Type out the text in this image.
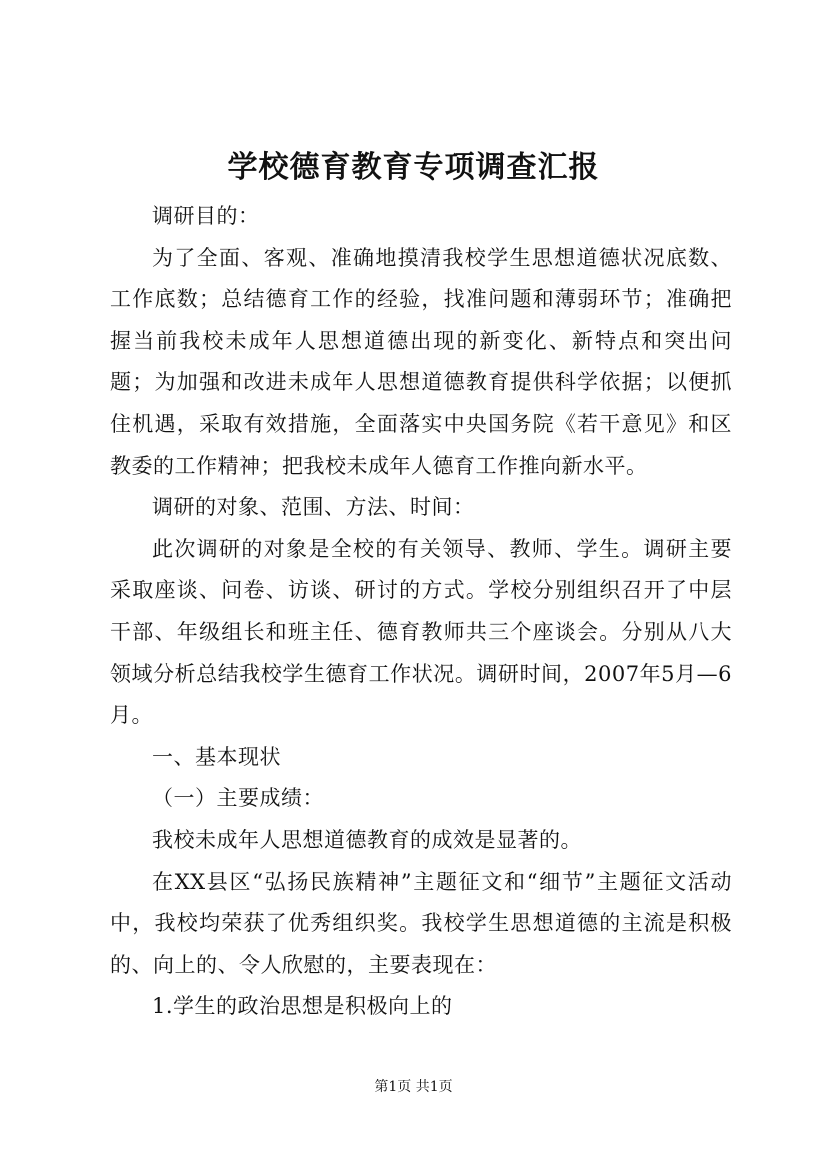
学校德育教育专项调查汇报

调研目的：

为了全面、客观、准确地摸清我校学生思想道德状况底数、工作底数；总结德育工作的经验，找准问题和薄弱环节；准确把握当前我校未成年人思想道德出现的新变化、新特点和突出问题；为加强和改进未成年人思想道德教育提供科学依据；以便抓住机遇，采取有效措施，全面落实中央国务院《若干意见》和区教委的工作精神；把我校未成年人德育工作推向新水平。

调研的对象、范围、方法、时间：

此次调研的对象是全校的有关领导、教师、学生。调研主要采取座谈、问卷、访谈、研讨的方式。学校分别组织召开了中层干部、年级组长和班主任、德育教师共三个座谈会。分别从八大领域分析总结我校学生德育工作状况。调研时间，2007年5月—6月。

一、基本现状

（一）主要成绩：

我校未成年人思想道德教育的成效是显著的。

在XX县区“弘扬民族精神”主题征文和“细节”主题征文活动中，我校均荣获了优秀组织奖。我校学生思想道德的主流是积极的、向上的、令人欣慰的，主要表现在：

1.学生的政治思想是积极向上的

第1页 共1页
